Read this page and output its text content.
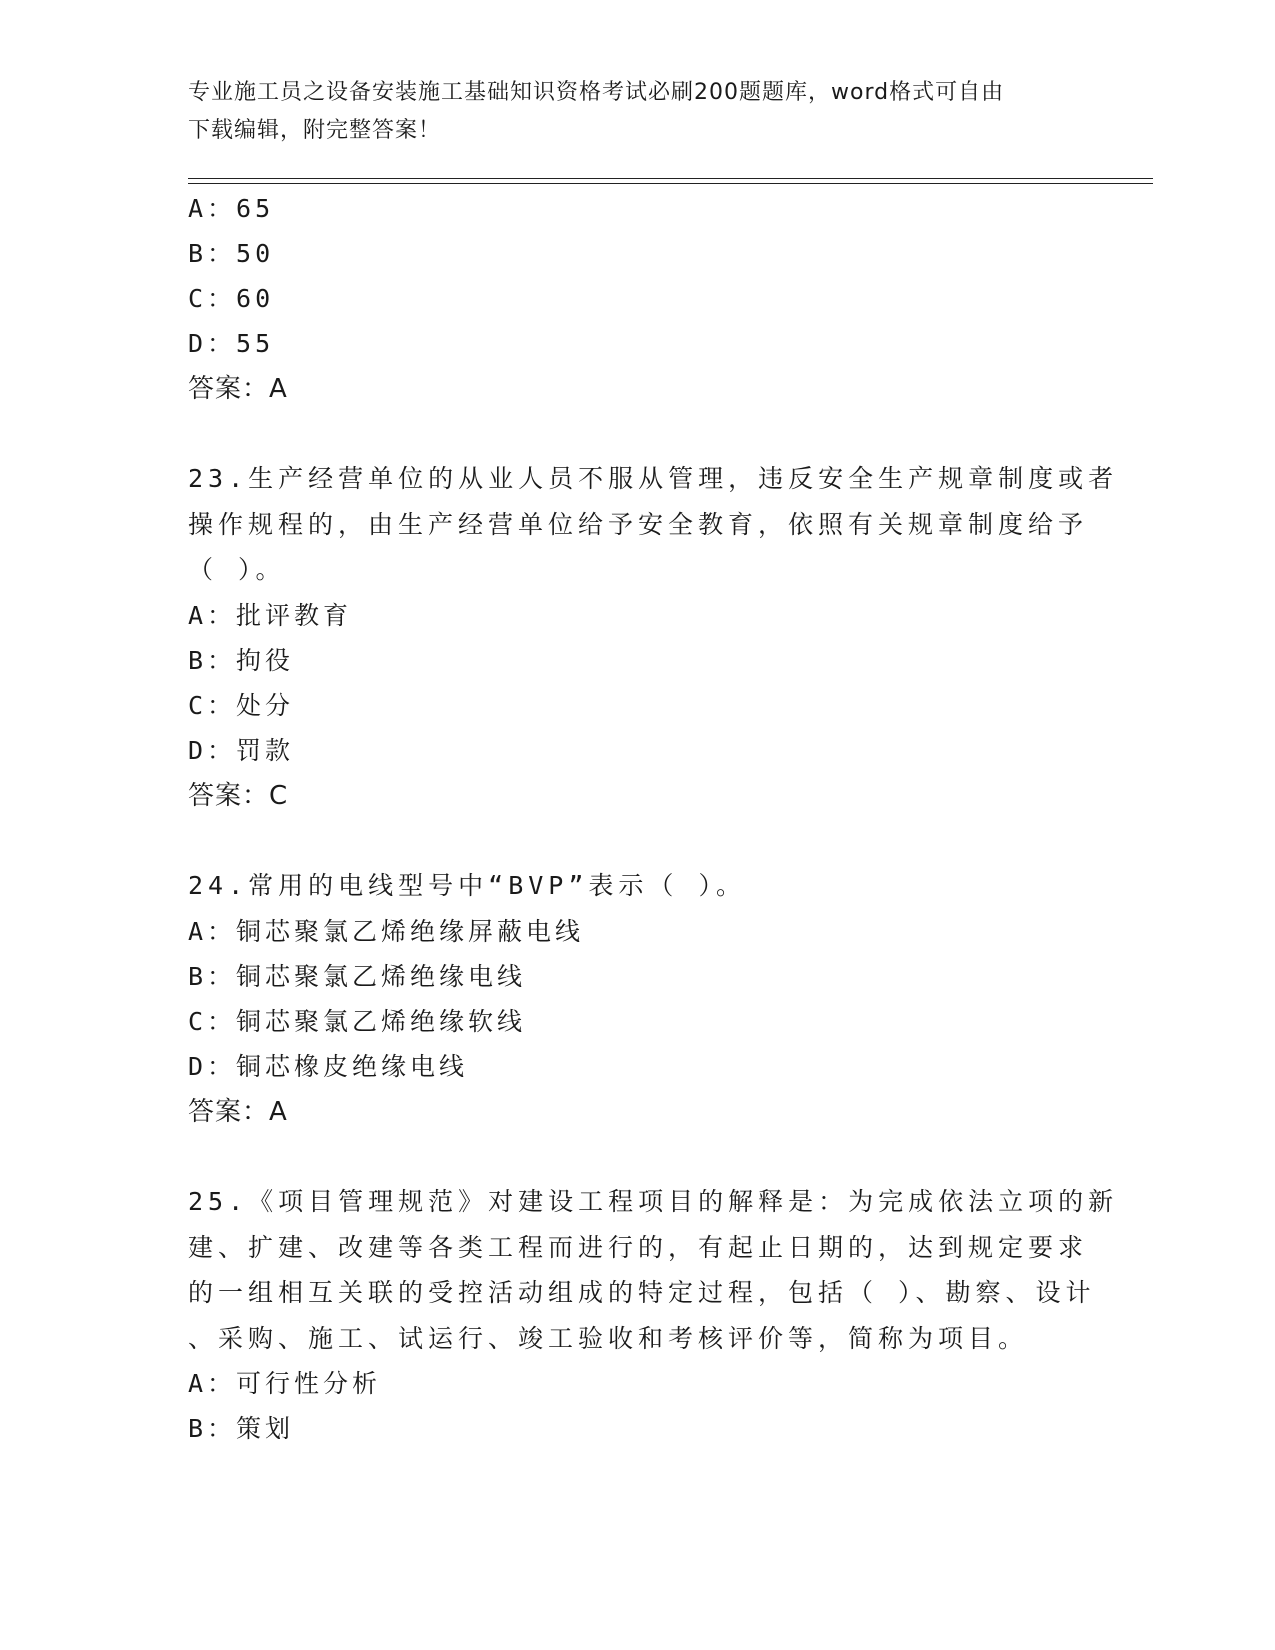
专业施工员之设备安装施工基础知识资格考试必刷200题题库，word格式可自由
下载编辑，附完整答案！
A：65
B：50
C：60
D：55
答案：A
23.生产经营单位的从业人员不服从管理，违反安全生产规章制度或者
操作规程的，由生产经营单位给予安全教育，依照有关规章制度给予
（ ）。
A：批评教育
B：拘役
C：处分
D：罚款
答案：C
24.常用的电线型号中“BVP”表示（ ）。
A：铜芯聚氯乙烯绝缘屏蔽电线
B：铜芯聚氯乙烯绝缘电线
C：铜芯聚氯乙烯绝缘软线
D：铜芯橡皮绝缘电线
答案：A
25.《项目管理规范》对建设工程项目的解释是：为完成依法立项的新
建、扩建、改建等各类工程而进行的，有起止日期的，达到规定要求
的一组相互关联的受控活动组成的特定过程，包括（ ）、勘察、设计
、采购、施工、试运行、竣工验收和考核评价等，简称为项目。
A：可行性分析
B：策划
